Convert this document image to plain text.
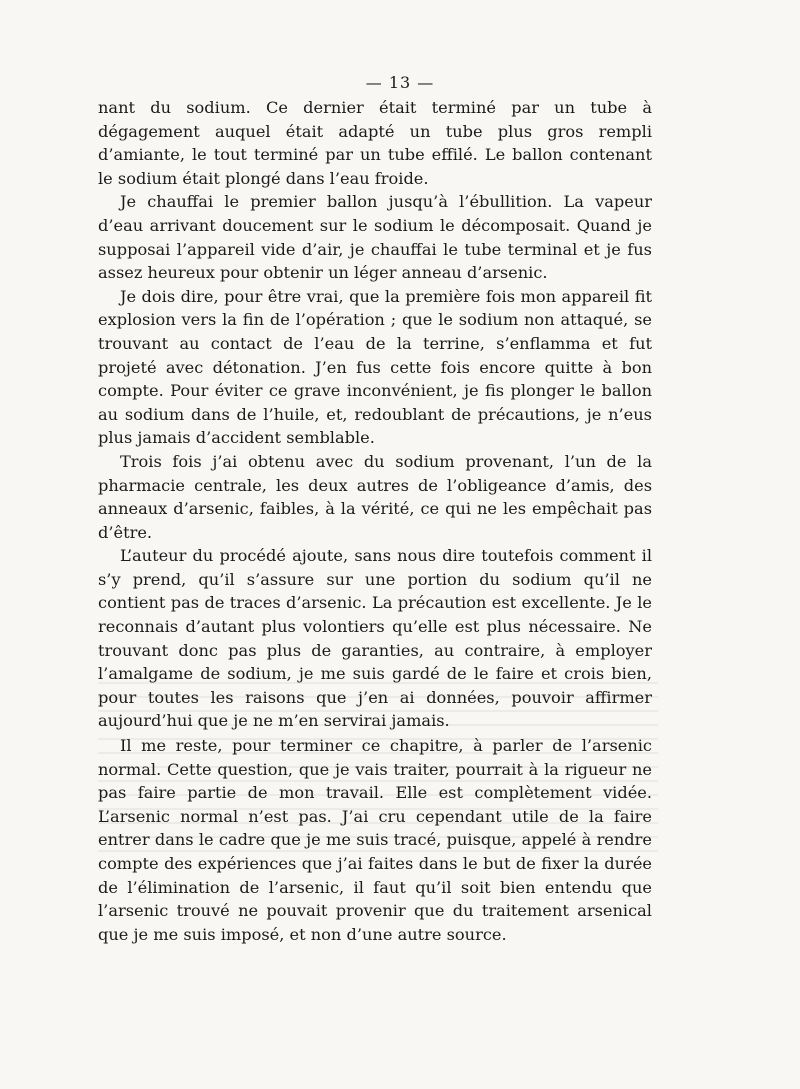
— 13 —

nant du sodium. Ce dernier était terminé par un tube à dégagement auquel était adapté un tube plus gros rempli d’amiante, le tout terminé par un tube effilé. Le ballon contenant le sodium était plongé dans l’eau froide.

Je chauffai le premier ballon jusqu’à l’ébullition. La vapeur d’eau arrivant doucement sur le sodium le décomposait. Quand je supposai l’appareil vide d’air, je chauffai le tube terminal et je fus assez heureux pour obtenir un léger anneau d’arsenic.

Je dois dire, pour être vrai, que la première fois mon appareil fit explosion vers la fin de l’opération ; que le sodium non attaqué, se trouvant au contact de l’eau de la terrine, s’enflamma et fut projeté avec détonation. J’en fus cette fois encore quitte à bon compte. Pour éviter ce grave inconvénient, je fis plonger le ballon au sodium dans de l’huile, et, redoublant de précautions, je n’eus plus jamais d’accident semblable.

Trois fois j’ai obtenu avec du sodium provenant, l’un de la pharmacie centrale, les deux autres de l’obligeance d’amis, des anneaux d’arsenic, faibles, à la vérité, ce qui ne les empêchait pas d’être.

L’auteur du procédé ajoute, sans nous dire toutefois comment il s’y prend, qu’il s’assure sur une portion du sodium qu’il ne contient pas de traces d’arsenic. La précaution est excellente. Je le reconnais d’autant plus volontiers qu’elle est plus nécessaire. Ne trouvant donc pas plus de garanties, au contraire, à employer l’amalgame de sodium, je me suis gardé de le faire et crois bien, pour toutes les raisons que j’en ai données, pouvoir affirmer aujourd’hui que je ne m’en servirai jamais.

Il me reste, pour terminer ce chapitre, à parler de l’arsenic normal. Cette question, que je vais traiter, pourrait à la rigueur ne pas faire partie de mon travail. Elle est complètement vidée. L’arsenic normal n’est pas. J’ai cru cependant utile de la faire entrer dans le cadre que je me suis tracé, puisque, appelé à rendre compte des expériences que j’ai faites dans le but de fixer la durée de l’élimination de l’arsenic, il faut qu’il soit bien entendu que l’arsenic trouvé ne pouvait provenir que du traitement arsenical que je me suis imposé, et non d’une autre source.
